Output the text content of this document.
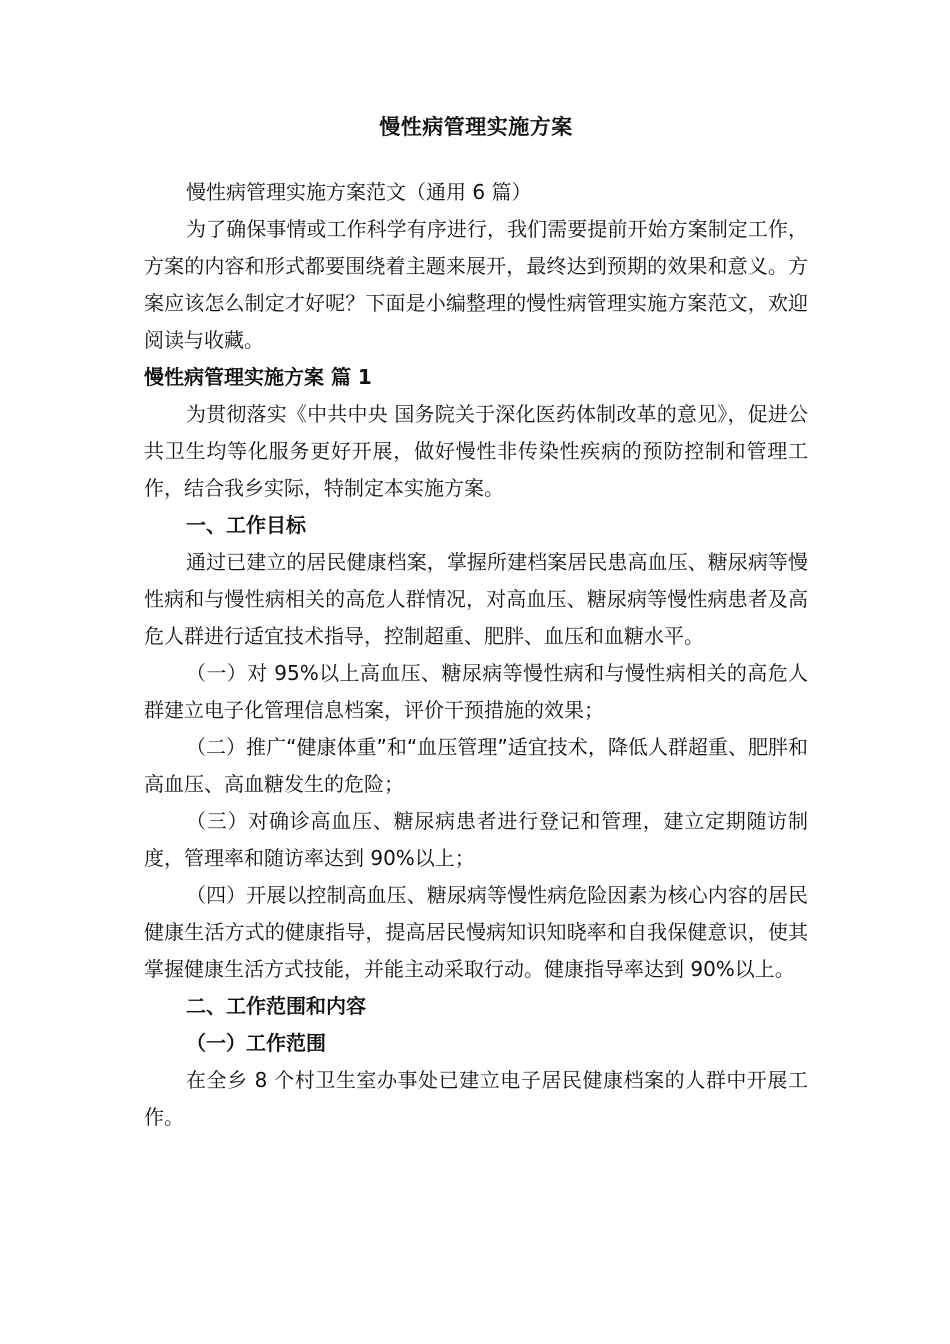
慢性病管理实施方案

慢性病管理实施方案范文（通用 6 篇）

为了确保事情或工作科学有序进行，我们需要提前开始方案制定工作，方案的内容和形式都要围绕着主题来展开，最终达到预期的效果和意义。方案应该怎么制定才好呢？下面是小编整理的慢性病管理实施方案范文，欢迎阅读与收藏。

慢性病管理实施方案 篇 1

为贯彻落实《中共中央 国务院关于深化医药体制改革的意见》，促进公共卫生均等化服务更好开展，做好慢性非传染性疾病的预防控制和管理工作，结合我乡实际，特制定本实施方案。

一、工作目标

通过已建立的居民健康档案，掌握所建档案居民患高血压、糖尿病等慢性病和与慢性病相关的高危人群情况，对高血压、糖尿病等慢性病患者及高危人群进行适宜技术指导，控制超重、肥胖、血压和血糖水平。

（一）对 95%以上高血压、糖尿病等慢性病和与慢性病相关的高危人群建立电子化管理信息档案，评价干预措施的效果；

（二）推广“健康体重”和“血压管理”适宜技术，降低人群超重、肥胖和高血压、高血糖发生的危险；

（三）对确诊高血压、糖尿病患者进行登记和管理，建立定期随访制度，管理率和随访率达到 90%以上；

（四）开展以控制高血压、糖尿病等慢性病危险因素为核心内容的居民健康生活方式的健康指导，提高居民慢病知识知晓率和自我保健意识，使其掌握健康生活方式技能，并能主动采取行动。健康指导率达到 90%以上。

二、工作范围和内容

（一）工作范围

在全乡 8 个村卫生室办事处已建立电子居民健康档案的人群中开展工作。
